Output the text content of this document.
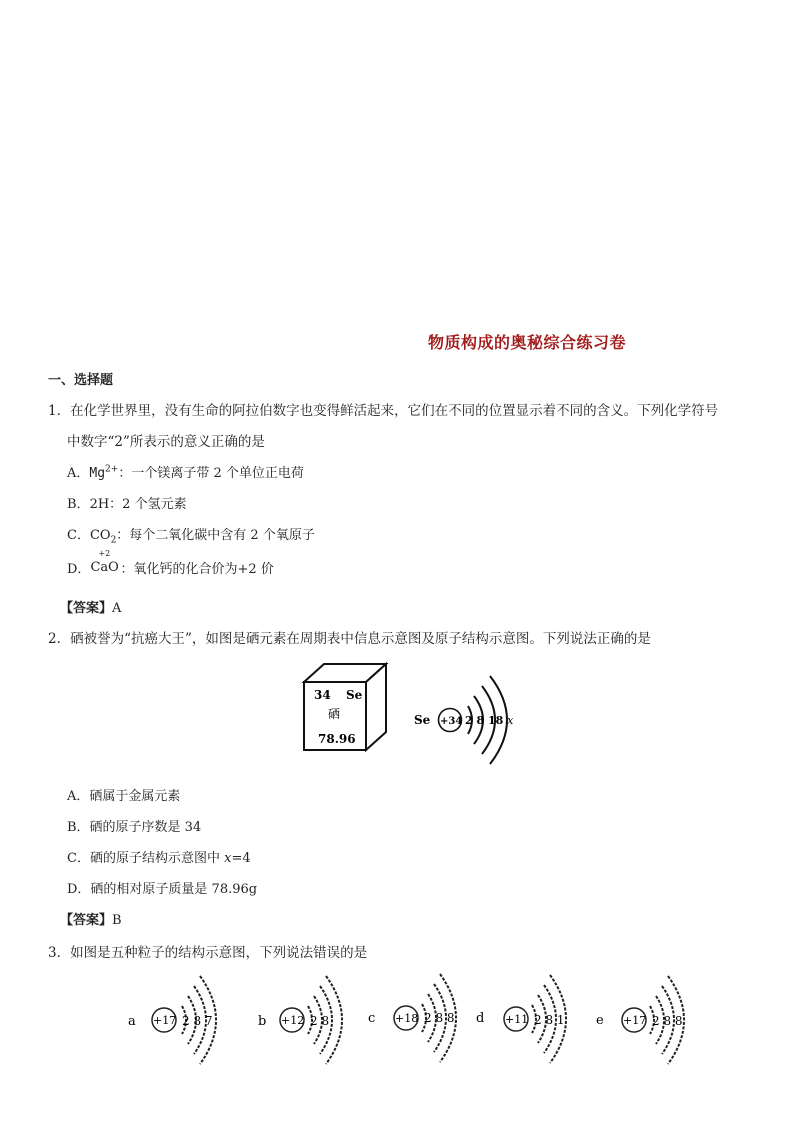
物质构成的奥秘综合练习卷
一、选择题
1．在化学世界里，没有生命的阿拉伯数字也变得鲜活起来，它们在不同的位置显示着不同的含义。下列化学符号
中数字“2”所表示的意义正确的是
A．$Mg^{2+}$：一个镁离子带 2 个单位正电荷
B．2H：2 个氢元素
C．$CO_2$：每个二氧化碳中含有 2 个氧原子
D．
+2
CaO ：氧化钙的化合价为+2 价
【答案】A
2．硒被誉为“抗癌大王”，如图是硒元素在周期表中信息示意图及原子结构示意图。下列说法正确的是
34 Se
硒
78.96
Se +34 2 8 18 x
A．硒属于金属元素
B．硒的原子序数是 34
C．硒的原子结构示意图中 x=4
D．硒的相对原子质量是 78.96g
【答案】B
3．如图是五种粒子的结构示意图，下列说法错误的是
a +17 2 8 7	b +12 2 8	c +18 2 8 8 d +11 2 8 1 e +17 2 8 8
